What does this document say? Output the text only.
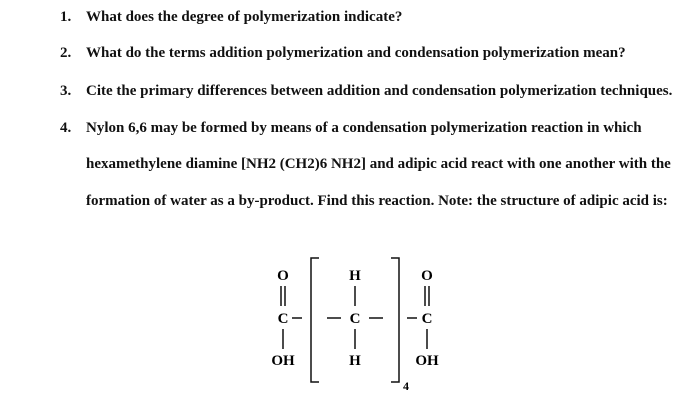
1. What does the degree of polymerization indicate?
2. What do the terms addition polymerization and condensation polymerization mean?
3. Cite the primary differences between addition and condensation polymerization techniques.
4. Nylon 6,6 may be formed by means of a condensation polymerization reaction in which
hexamethylene diamine [NH2 (CH2)6 NH2] and adipic acid react with one another with the
formation of water as a by-product. Find this reaction. Note: the structure of adipic acid is:
O
C
OH
H
C
H
4
O
C
OH
